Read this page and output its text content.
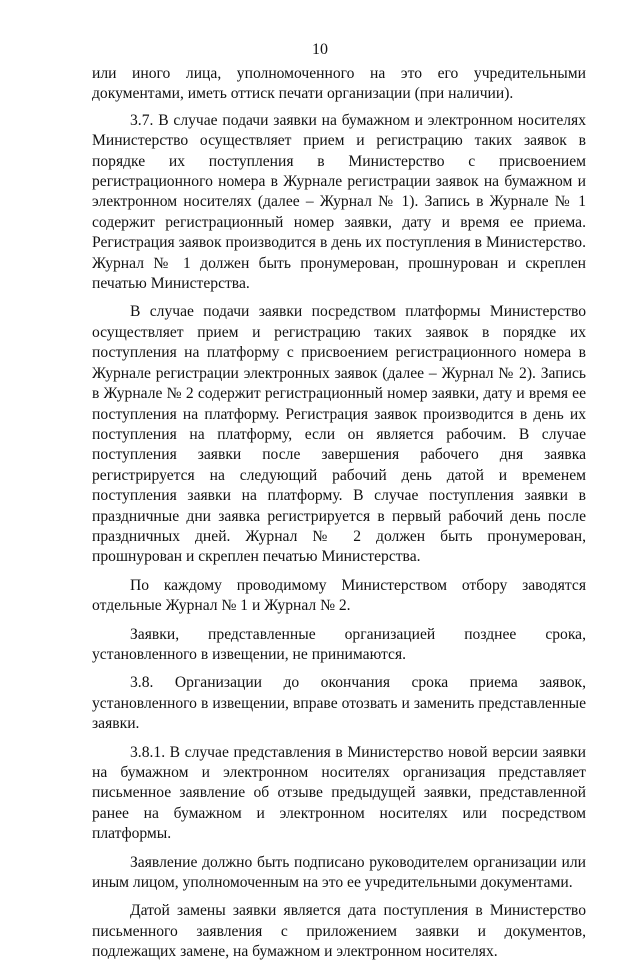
10

или иного лица, уполномоченного на это его учредительными документами, иметь оттиск печати организации (при наличии).

3.7. В случае подачи заявки на бумажном и электронном носителях Министерство осуществляет прием и регистрацию таких заявок в порядке их поступления в Министерство с присвоением регистрационного номера в Журнале регистрации заявок на бумажном и электронном носителях (далее – Журнал № 1). Запись в Журнале № 1 содержит регистрационный номер заявки, дату и время ее приема. Регистрация заявок производится в день их поступления в Министерство. Журнал № 1 должен быть пронумерован, прошнурован и скреплен печатью Министерства.

В случае подачи заявки посредством платформы Министерство осуществляет прием и регистрацию таких заявок в порядке их поступления на платформу с присвоением регистрационного номера в Журнале регистрации электронных заявок (далее – Журнал № 2). Запись в Журнале № 2 содержит регистрационный номер заявки, дату и время ее поступления на платформу. Регистрация заявок производится в день их поступления на платформу, если он является рабочим. В случае поступления заявки после завершения рабочего дня заявка регистрируется на следующий рабочий день датой и временем поступления заявки на платформу. В случае поступления заявки в праздничные дни заявка регистрируется в первый рабочий день после праздничных дней. Журнал № 2 должен быть пронумерован, прошнурован и скреплен печатью Министерства.

По каждому проводимому Министерством отбору заводятся отдельные Журнал № 1 и Журнал № 2.

Заявки, представленные организацией позднее срока, установленного в извещении, не принимаются.

3.8. Организации до окончания срока приема заявок, установленного в извещении, вправе отозвать и заменить представленные заявки.

3.8.1. В случае представления в Министерство новой версии заявки на бумажном и электронном носителях организация представляет письменное заявление об отзыве предыдущей заявки, представленной ранее на бумажном и электронном носителях или посредством платформы.

Заявление должно быть подписано руководителем организации или иным лицом, уполномоченным на это ее учредительными документами.

Датой замены заявки является дата поступления в Министерство письменного заявления с приложением заявки и документов, подлежащих замене, на бумажном и электронном носителях.
